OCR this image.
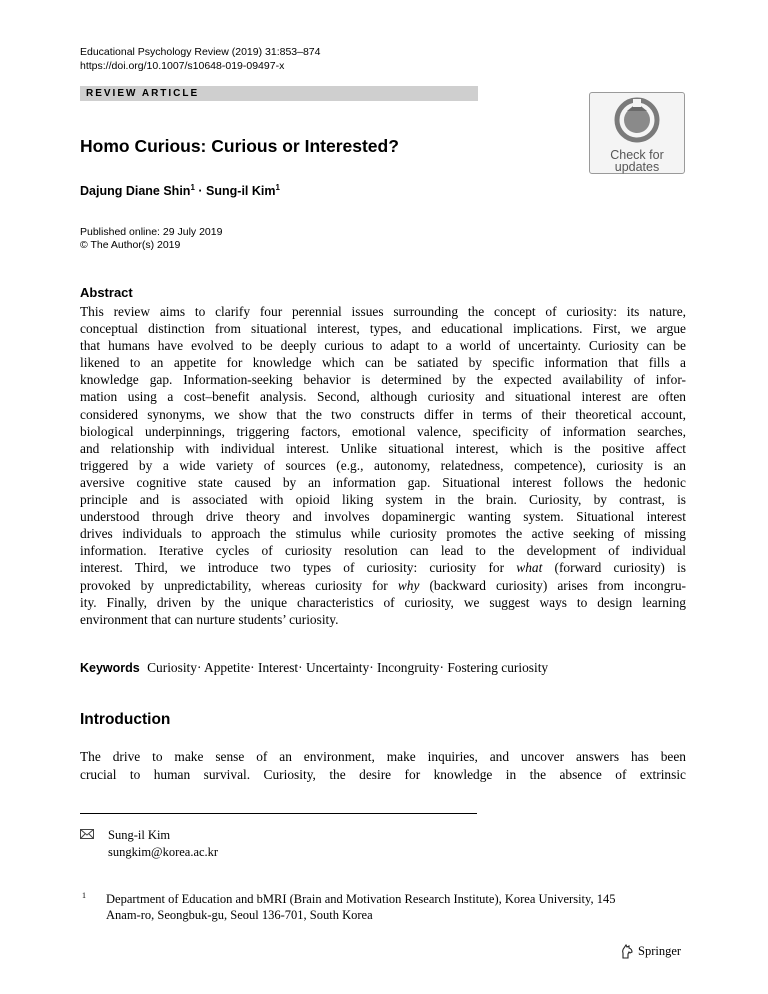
Educational Psychology Review (2019) 31:853–874
https://doi.org/10.1007/s10648-019-09497-x
REVIEW ARTICLE
Check for
updates
Homo Curious: Curious or Interested?
Dajung Diane Shin$^1$ · Sung-il Kim$^1$
Published online: 29 July 2019
© The Author(s) 2019
Abstract
This review aims to clarify four perennial issues surrounding the concept of curiosity: its nature,
conceptual distinction from situational interest, types, and educational implications. First, we argue
that humans have evolved to be deeply curious to adapt to a world of uncertainty. Curiosity can be
likened to an appetite for knowledge which can be satiated by specific information that fills a
knowledge gap. Information-seeking behavior is determined by the expected availability of infor-
mation using a cost–benefit analysis. Second, although curiosity and situational interest are often
considered synonyms, we show that the two constructs differ in terms of their theoretical account,
biological underpinnings, triggering factors, emotional valence, specificity of information searches,
and relationship with individual interest. Unlike situational interest, which is the positive affect
triggered by a wide variety of sources (e.g., autonomy, relatedness, competence), curiosity is an
aversive cognitive state caused by an information gap. Situational interest follows the hedonic
principle and is associated with opioid liking system in the brain. Curiosity, by contrast, is
understood through drive theory and involves dopaminergic wanting system. Situational interest
drives individuals to approach the stimulus while curiosity promotes the active seeking of missing
information. Iterative cycles of curiosity resolution can lead to the development of individual
interest. Third, we introduce two types of curiosity: curiosity for what (forward curiosity) is
provoked by unpredictability, whereas curiosity for why (backward curiosity) arises from incongru-
ity. Finally, driven by the unique characteristics of curiosity, we suggest ways to design learning
environment that can nurture students’ curiosity.
Keywords Curiosity· Appetite· Interest· Uncertainty· Incongruity· Fostering curiosity
Introduction
The drive to make sense of an environment, make inquiries, and uncover answers has been
crucial to human survival. Curiosity, the desire for knowledge in the absence of extrinsic
Sung-il Kim
sungkim@korea.ac.kr
1 Department of Education and bMRI (Brain and Motivation Research Institute), Korea University, 145
Anam-ro, Seongbuk-gu, Seoul 136-701, South Korea
Springer
